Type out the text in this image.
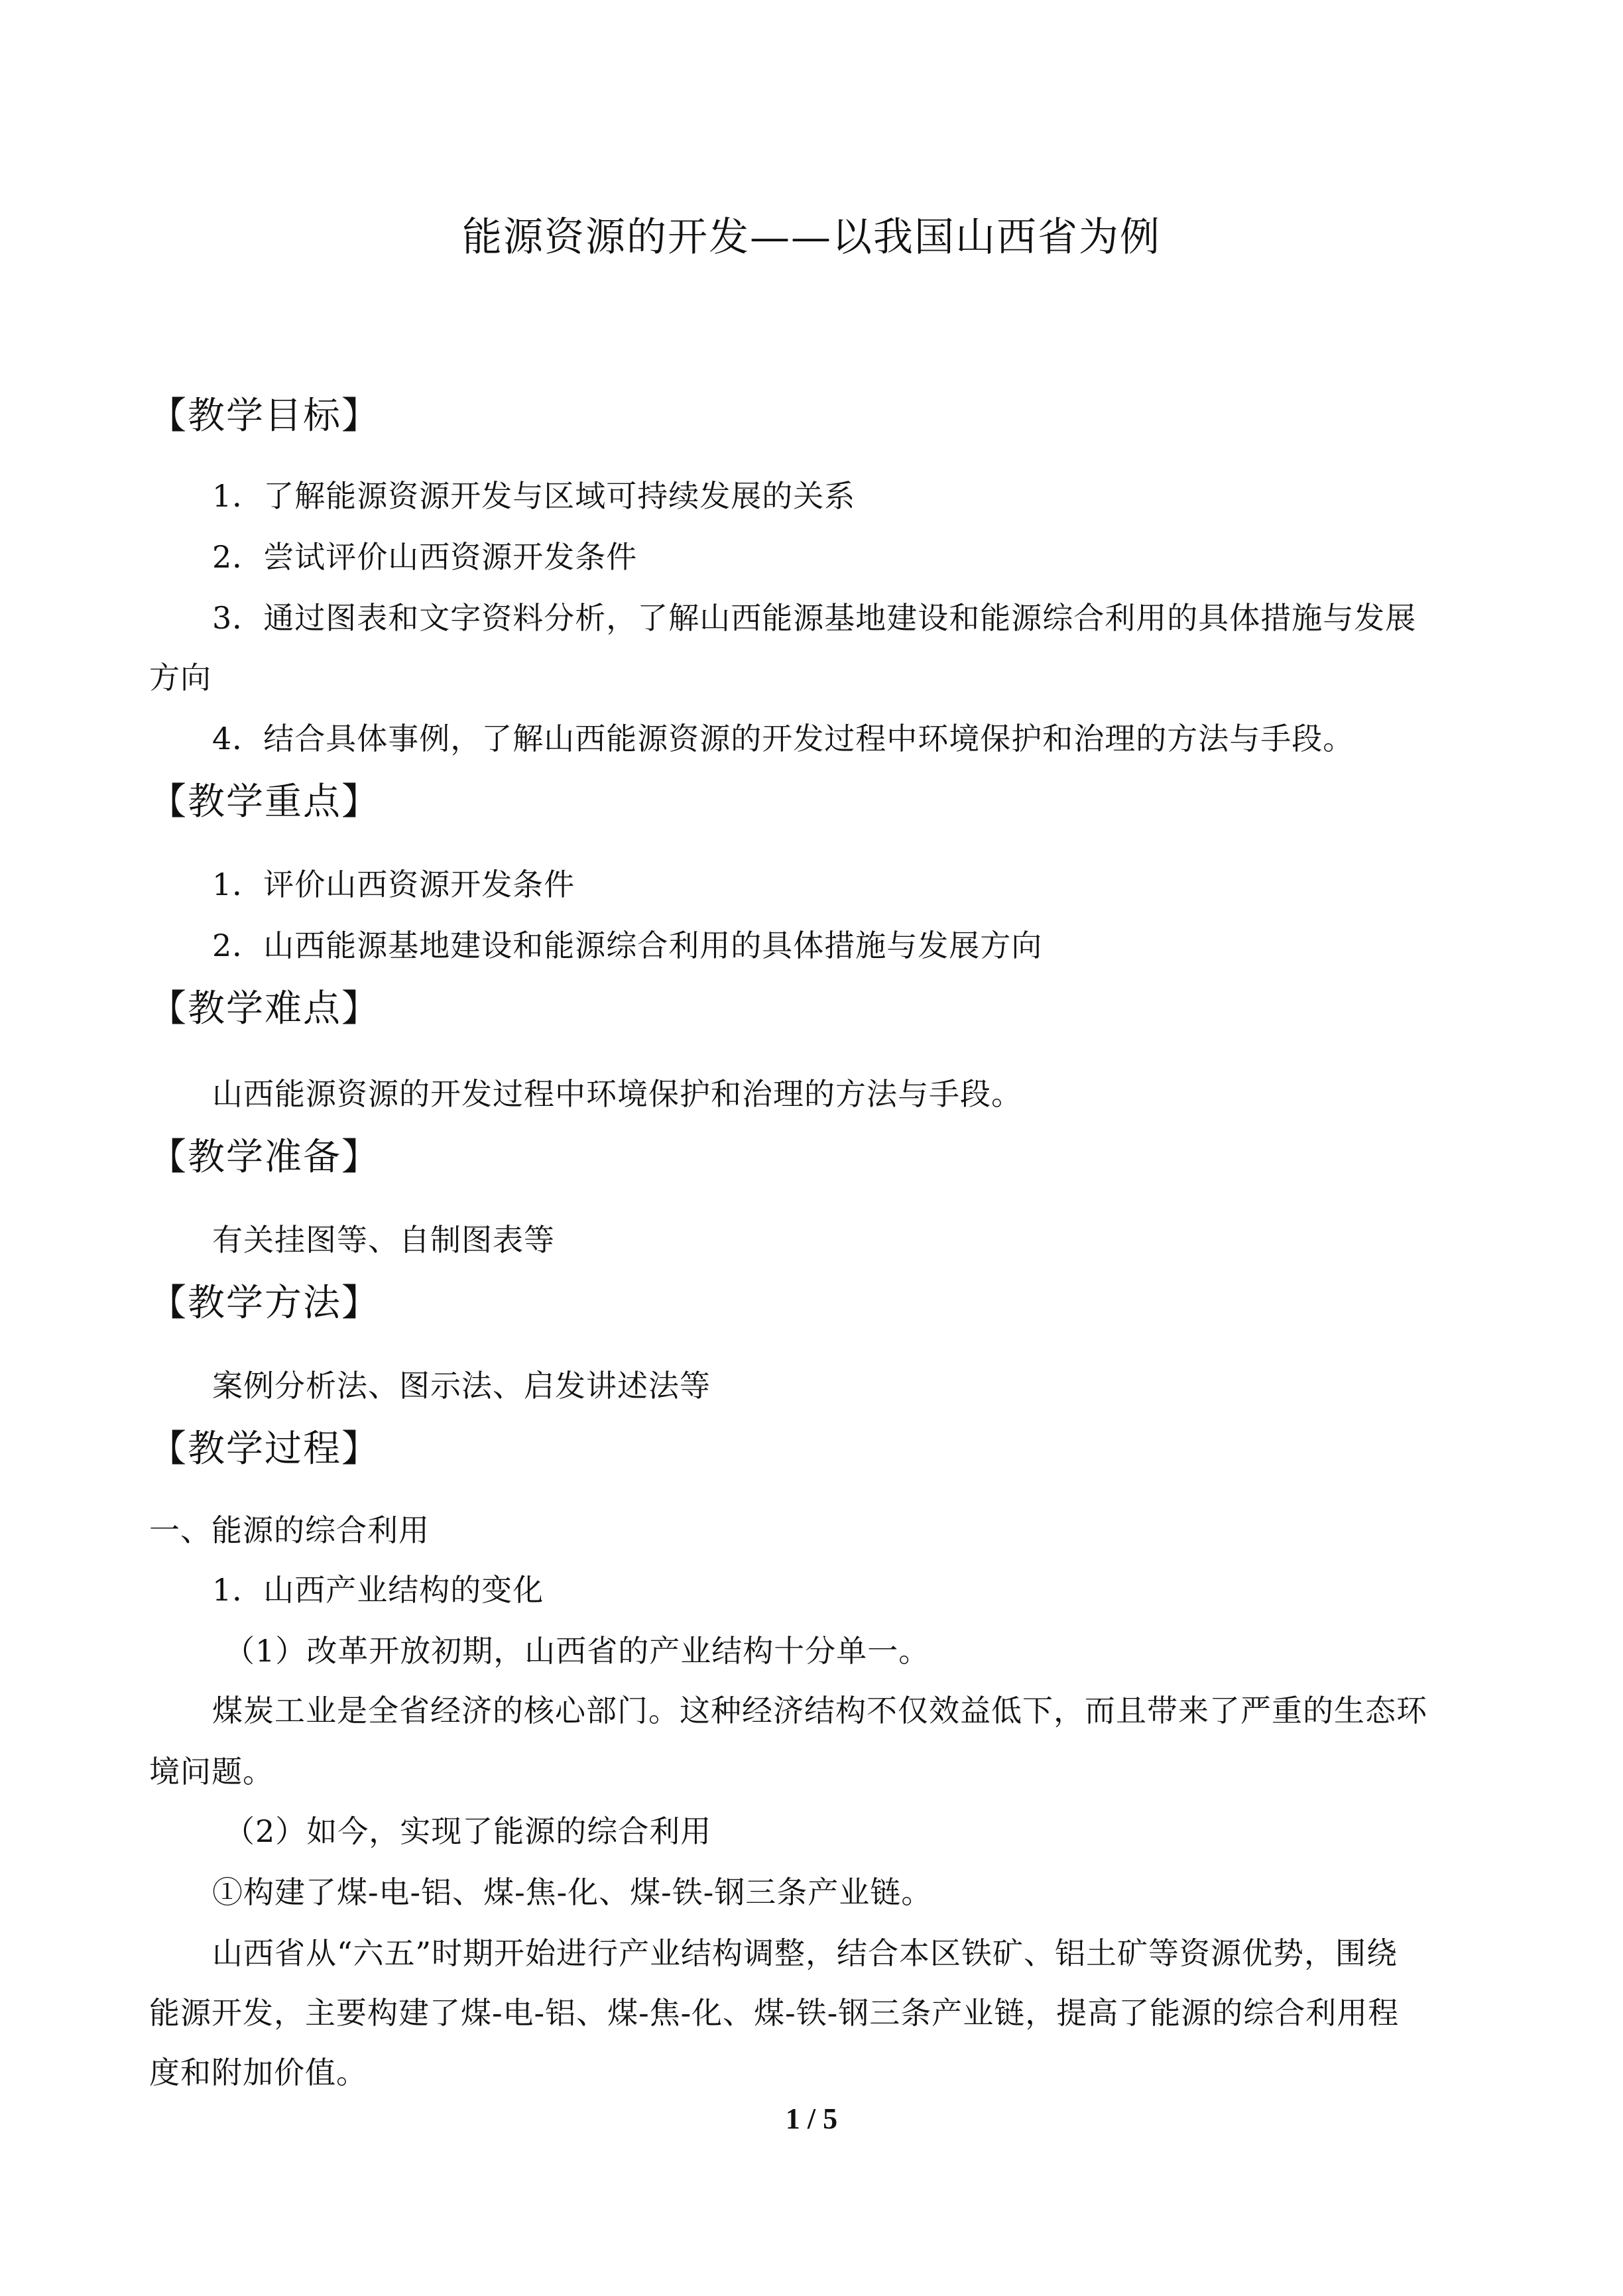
能源资源的开发——以我国山西省为例
【教学目标】
1．了解能源资源开发与区域可持续发展的关系
2．尝试评价山西资源开发条件
3．通过图表和文字资料分析，了解山西能源基地建设和能源综合利用的具体措施与发展
方向
4．结合具体事例，了解山西能源资源的开发过程中环境保护和治理的方法与手段。
【教学重点】
1．评价山西资源开发条件
2．山西能源基地建设和能源综合利用的具体措施与发展方向
【教学难点】
山西能源资源的开发过程中环境保护和治理的方法与手段。
【教学准备】
有关挂图等、自制图表等
【教学方法】
案例分析法、图示法、启发讲述法等
【教学过程】
一、能源的综合利用
1．山西产业结构的变化
（1）改革开放初期，山西省的产业结构十分单一。
煤炭工业是全省经济的核心部门。这种经济结构不仅效益低下，而且带来了严重的生态环
境问题。
（2）如今，实现了能源的综合利用
①构建了煤-电-铝、煤-焦-化、煤-铁-钢三条产业链。
山西省从“六五”时期开始进行产业结构调整，结合本区铁矿、铝土矿等资源优势，围绕
能源开发，主要构建了煤-电-铝、煤-焦-化、煤-铁-钢三条产业链，提高了能源的综合利用程
度和附加价值。
1 / 5
